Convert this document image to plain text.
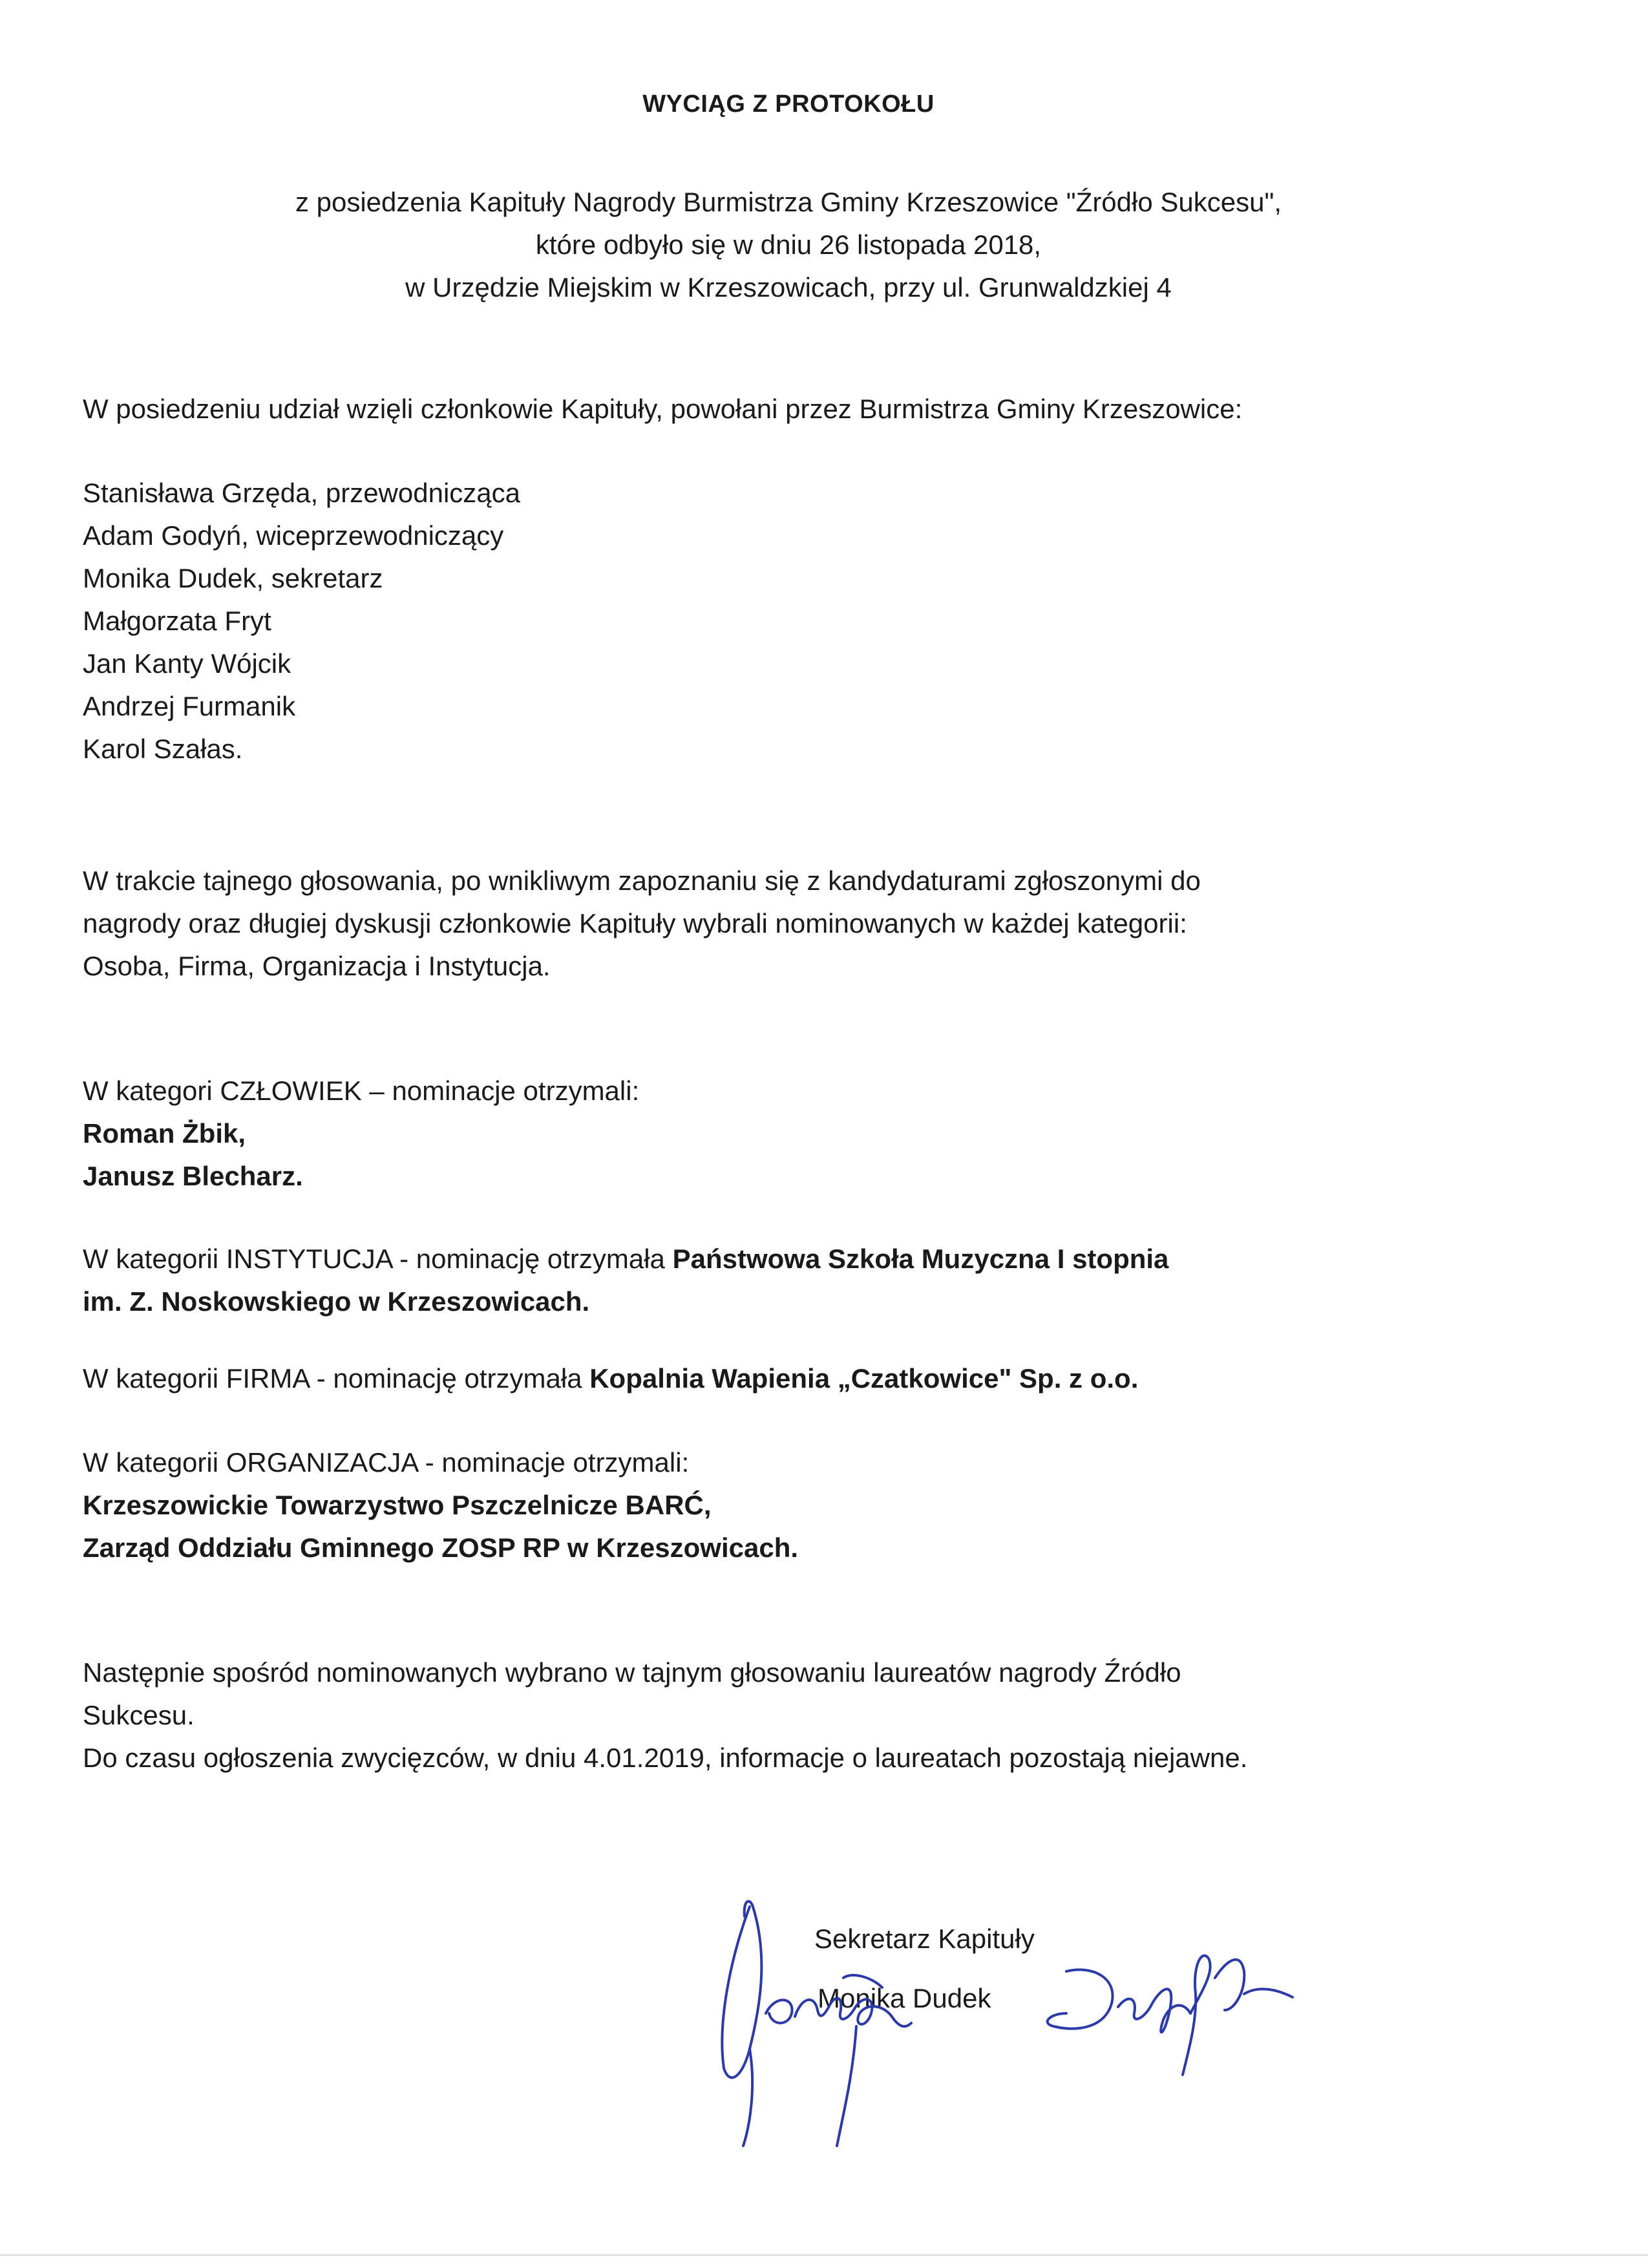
WYCIĄG Z PROTOKOŁU
z posiedzenia Kapituły Nagrody Burmistrza Gminy Krzeszowice "Źródło Sukcesu",
które odbyło się w dniu 26 listopada 2018,
w Urzędzie Miejskim w Krzeszowicach, przy ul. Grunwaldzkiej 4

W posiedzeniu udział wzięli członkowie Kapituły, powołani przez Burmistrza Gminy Krzeszowice:

Stanisława Grzęda, przewodnicząca

Adam Godyń, wiceprzewodniczący

Monika Dudek, sekretarz

Małgorzata Fryt

Jan Kanty Wójcik

Andrzej Furmanik

Karol Szałas.

W trakcie tajnego głosowania, po wnikliwym zapoznaniu się z kandydaturami zgłoszonymi do

nagrody oraz długiej dyskusji członkowie Kapituły wybrali nominowanych w każdej kategorii:

Osoba, Firma, Organizacja i Instytucja.

W kategori CZŁOWIEK – nominacje otrzymali:

Roman Żbik,

Janusz Blecharz.

W kategorii INSTYTUCJA - nominację otrzymała Państwowa Szkoła Muzyczna I stopnia

im. Z. Noskowskiego w Krzeszowicach.

W kategorii FIRMA - nominację otrzymała Kopalnia Wapienia „Czatkowice" Sp. z o.o.

W kategorii ORGANIZACJA - nominacje otrzymali:

Krzeszowickie Towarzystwo Pszczelnicze BARĆ,

Zarząd Oddziału Gminnego ZOSP RP w Krzeszowicach.

Następnie spośród nominowanych wybrano w tajnym głosowaniu laureatów nagrody Źródło

Sukcesu.

Do czasu ogłoszenia zwycięzców, w dniu 4.01.2019, informacje o laureatach pozostają niejawne.

Sekretarz Kapituły
Monika Dudek
